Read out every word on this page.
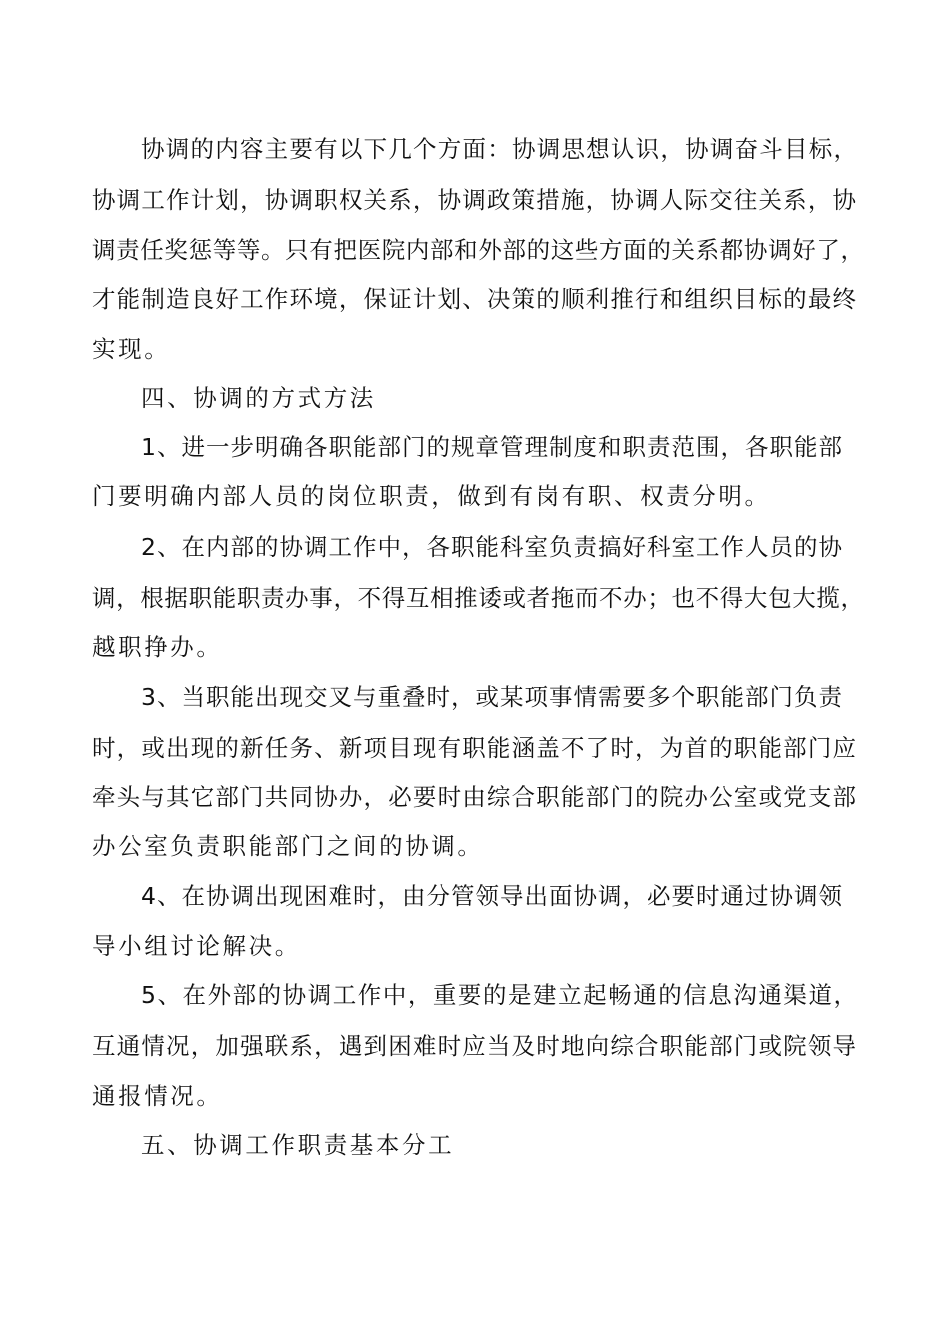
协调的内容主要有以下几个方面：协调思想认识，协调奋斗目标，
协调工作计划，协调职权关系，协调政策措施，协调人际交往关系，协
调责任奖惩等等。只有把医院内部和外部的这些方面的关系都协调好了，
才能制造良好工作环境，保证计划、决策的顺利推行和组织目标的最终
实现。
四、协调的方式方法
1、进一步明确各职能部门的规章管理制度和职责范围，各职能部
门要明确内部人员的岗位职责，做到有岗有职、权责分明。
2、在内部的协调工作中，各职能科室负责搞好科室工作人员的协
调，根据职能职责办事，不得互相推诿或者拖而不办；也不得大包大揽，
越职挣办。
3、当职能出现交叉与重叠时，或某项事情需要多个职能部门负责
时，或出现的新任务、新项目现有职能涵盖不了时，为首的职能部门应
牵头与其它部门共同协办，必要时由综合职能部门的院办公室或党支部
办公室负责职能部门之间的协调。
4、在协调出现困难时，由分管领导出面协调，必要时通过协调领
导小组讨论解决。
5、在外部的协调工作中，重要的是建立起畅通的信息沟通渠道，
互通情况，加强联系，遇到困难时应当及时地向综合职能部门或院领导
通报情况。
五、协调工作职责基本分工
